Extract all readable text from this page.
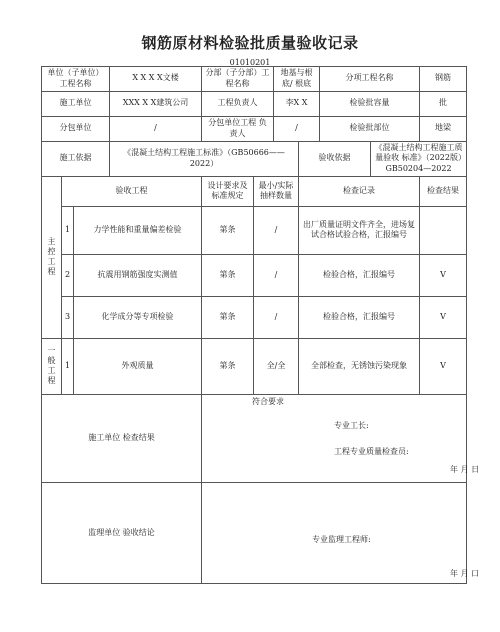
钢筋原材料检验批质量验收记录
01010201
单位（子单位）工程名称			X X X X文楼	分部（子分部）工程名称		地基与根底/ 根底		分项工程名称		钢筋
施工单位			XXX X X建筑公司	工程负责人		李X X		检验批容量		批
分包单位			/	分包单位工程 负责人		/		检验批部位		地梁
施工依据			《混凝土结构工程施工标准》（GB50666——2022）				验收依据		《混凝土结构工程施工质量验收 标准》（2022版）GB50204—2022	
主控工程	验收工程			设计要求及标准规定	最小/实际 抽样数量		检查记录			检查结果
	1	力学性能和重量偏差检验		第条	/		出厂质量证明文件齐全，进场复试合格试验合格，汇报编号			
	2	抗震用钢筋强度实测值		第条	/		检验合格，汇报编号			V
	3	化学成分等专项检验		第条	/		检验合格，汇报编号			V
一般工程	1	外观质量		第条	全/全		全部检查，无锈蚀污染现象			V
施工单位 检查结果				符合要求
专业工长:
工程专业质量检查员:
年 月 日						

监理单位 验收结论				专业监理工程师:
年 月 口						
